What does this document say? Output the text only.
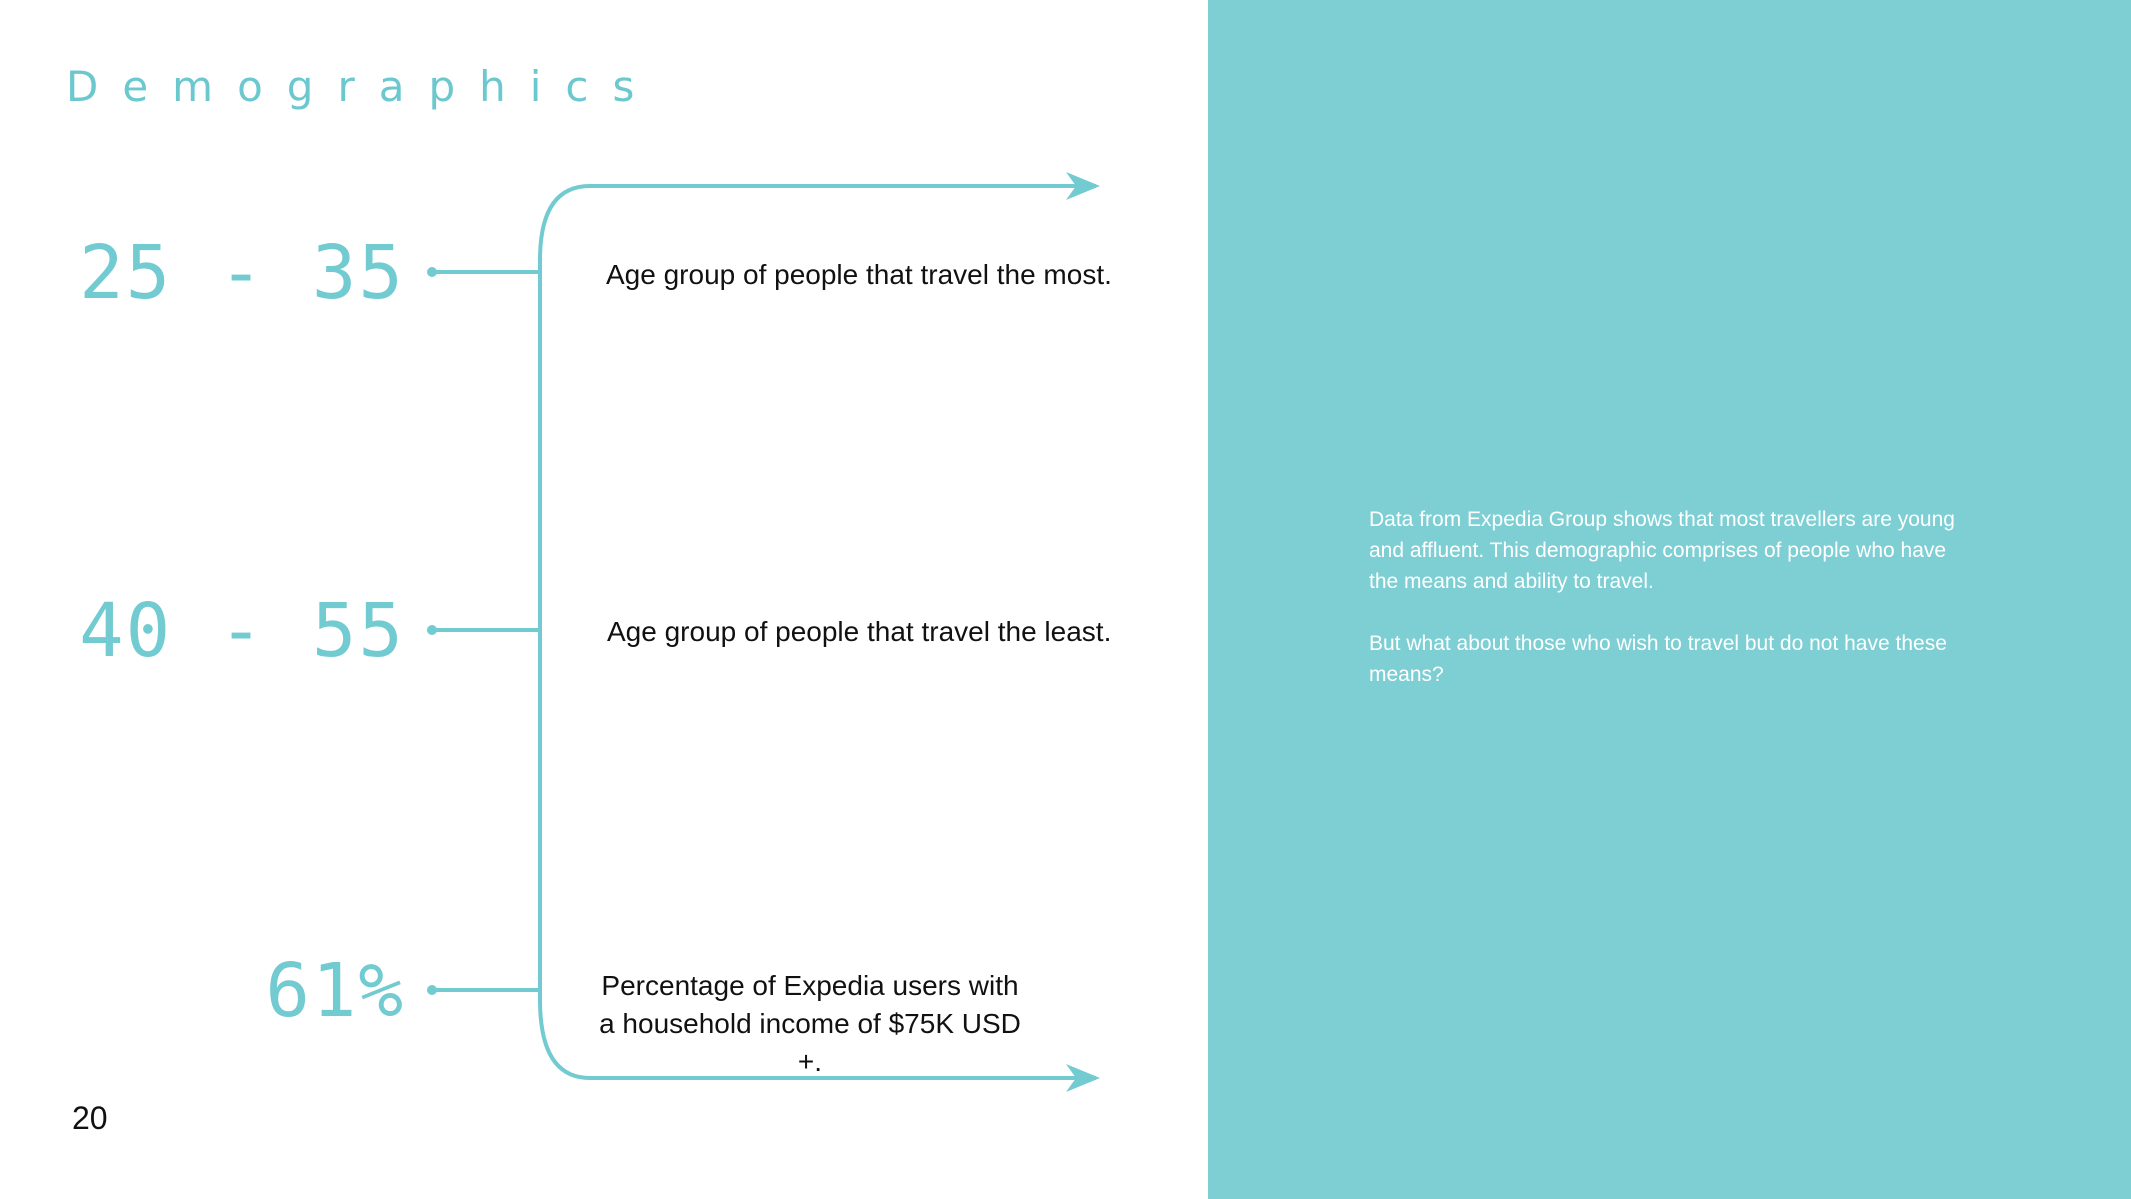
Demographics
25 - 35
40 - 55
61%
Age group of people that travel the most.
Age group of people that travel the least.
Percentage of Expedia users with a household income of $75K USD +.

Data from Expedia Group shows that most travellers are young and affluent. This demographic comprises of people who have the means and ability to travel.

But what about those who wish to travel but do not have these means?

20
